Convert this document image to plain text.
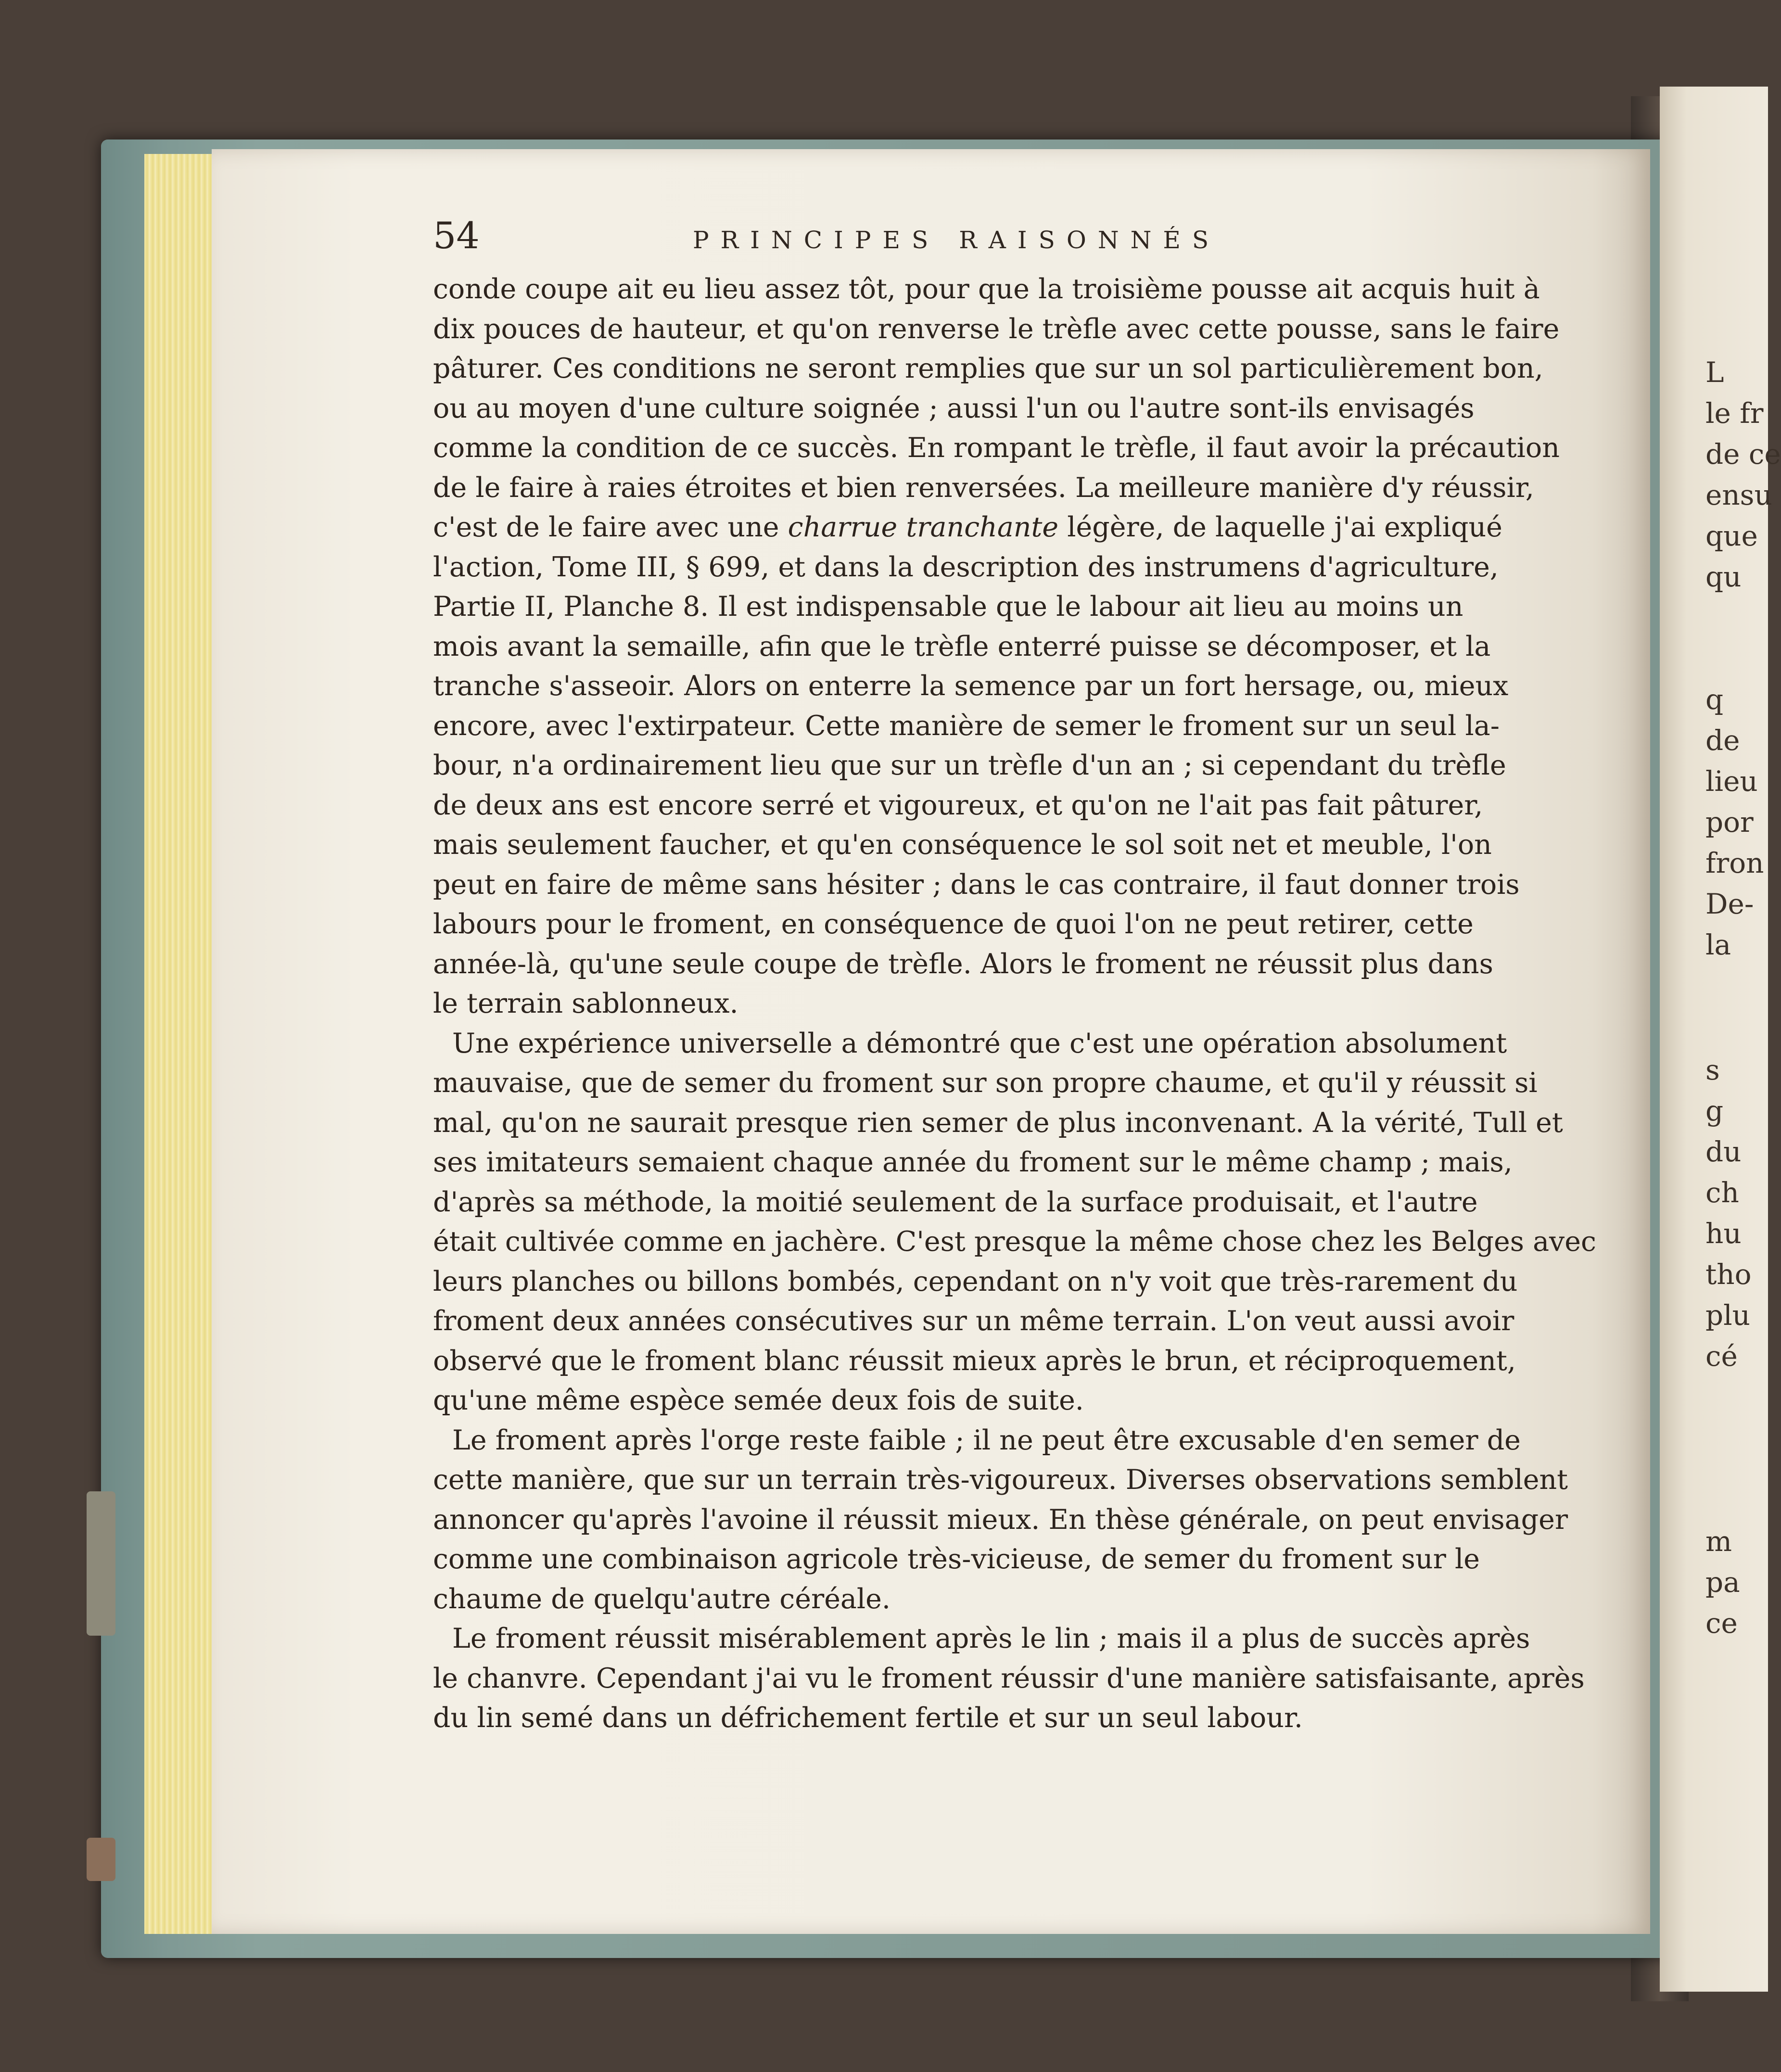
L
le fr
de ce
ensu
que
qu
q
de
lieu
por
fron
De-
la
s
g
du
ch
hu
tho
plu
cé
m
pa
ce
54	PRINCIPES RAISONNÉS
conde coupe ait eu lieu assez tôt, pour que la troisième pousse ait acquis huit à
dix pouces de hauteur, et qu'on renverse le trèfle avec cette pousse, sans le faire
pâturer. Ces conditions ne seront remplies que sur un sol particulièrement bon,
ou au moyen d'une culture soignée ; aussi l'un ou l'autre sont-ils envisagés
comme la condition de ce succès. En rompant le trèfle, il faut avoir la précaution
de le faire à raies étroites et bien renversées. La meilleure manière d'y réussir,
c'est de le faire avec une charrue tranchante légère, de laquelle j'ai expliqué
l'action, Tome III, § 699, et dans la description des instrumens d'agriculture,
Partie II, Planche 8. Il est indispensable que le labour ait lieu au moins un
mois avant la semaille, afin que le trèfle enterré puisse se décomposer, et la
tranche s'asseoir. Alors on enterre la semence par un fort hersage, ou, mieux
encore, avec l'extirpateur. Cette manière de semer le froment sur un seul la-
bour, n'a ordinairement lieu que sur un trèfle d'un an ; si cependant du trèfle
de deux ans est encore serré et vigoureux, et qu'on ne l'ait pas fait pâturer,
mais seulement faucher, et qu'en conséquence le sol soit net et meuble, l'on
peut en faire de même sans hésiter ; dans le cas contraire, il faut donner trois
labours pour le froment, en conséquence de quoi l'on ne peut retirer, cette
année-là, qu'une seule coupe de trèfle. Alors le froment ne réussit plus dans
le terrain sablonneux.
Une expérience universelle a démontré que c'est une opération absolument
mauvaise, que de semer du froment sur son propre chaume, et qu'il y réussit si
mal, qu'on ne saurait presque rien semer de plus inconvenant. A la vérité, Tull et
ses imitateurs semaient chaque année du froment sur le même champ ; mais,
d'après sa méthode, la moitié seulement de la surface produisait, et l'autre
était cultivée comme en jachère. C'est presque la même chose chez les Belges avec
leurs planches ou billons bombés, cependant on n'y voit que très-rarement du
froment deux années consécutives sur un même terrain. L'on veut aussi avoir
observé que le froment blanc réussit mieux après le brun, et réciproquement,
qu'une même espèce semée deux fois de suite.
Le froment après l'orge reste faible ; il ne peut être excusable d'en semer de
cette manière, que sur un terrain très-vigoureux. Diverses observations semblent
annoncer qu'après l'avoine il réussit mieux. En thèse générale, on peut envisager
comme une combinaison agricole très-vicieuse, de semer du froment sur le
chaume de quelqu'autre céréale.
Le froment réussit misérablement après le lin ; mais il a plus de succès après
le chanvre. Cependant j'ai vu le froment réussir d'une manière satisfaisante, après
du lin semé dans un défrichement fertile et sur un seul labour.
